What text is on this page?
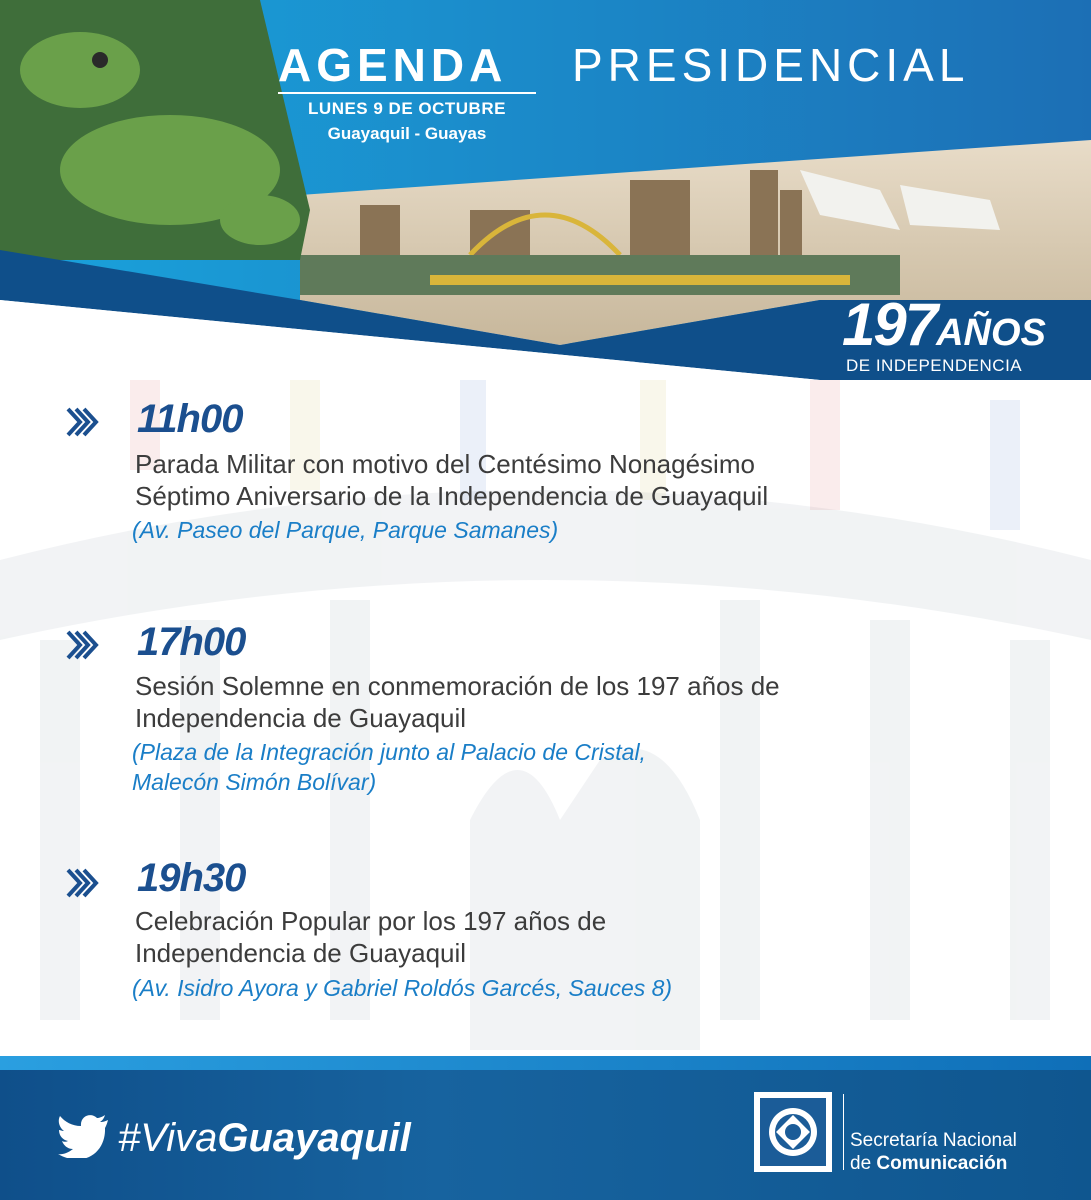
AGENDA PRESIDENCIAL
LUNES 9 DE OCTUBRE
Guayaquil - Guayas
197AÑOS
DE INDEPENDENCIA
11h00
Parada Militar con motivo del Centésimo Nonagésimo
Séptimo Aniversario de la Independencia de Guayaquil
(Av. Paseo del Parque, Parque Samanes)
17h00
Sesión Solemne en conmemoración de los 197 años de
Independencia de Guayaquil
(Plaza de la Integración junto al Palacio de Cristal,
Malecón Simón Bolívar)
19h30
Celebración Popular por los 197 años de
Independencia de Guayaquil
(Av. Isidro Ayora y Gabriel Roldós Garcés, Sauces 8)
#VivaGuayaquil	Secretaría Nacional
de Comunicación
